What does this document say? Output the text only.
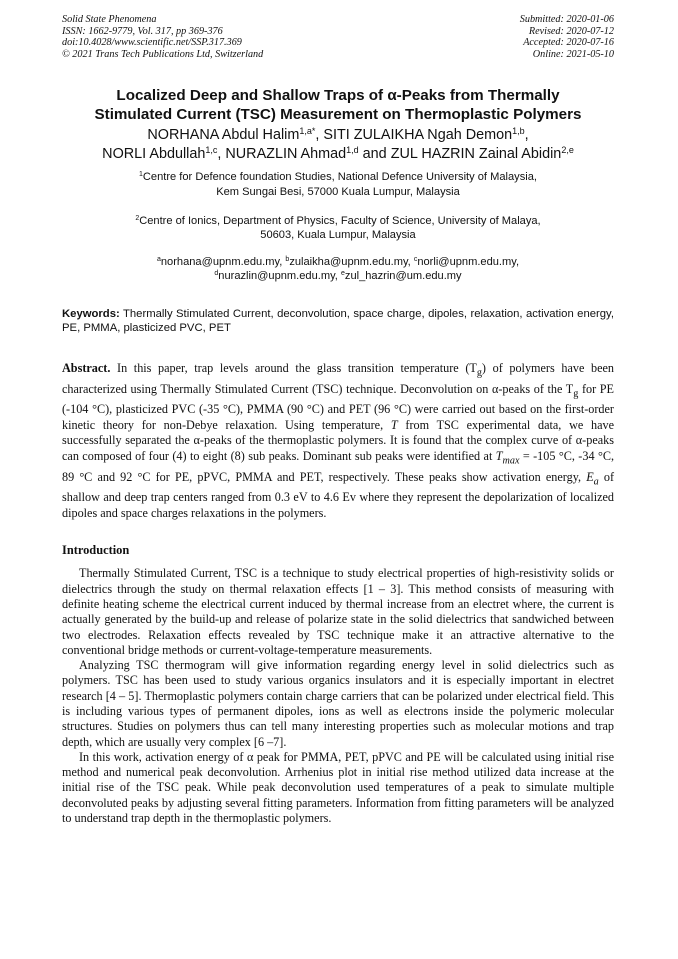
Solid State Phenomena
ISSN: 1662-9779, Vol. 317, pp 369-376
doi:10.4028/www.scientific.net/SSP.317.369
© 2021 Trans Tech Publications Ltd, Switzerland
Submitted: 2020-01-06
Revised: 2020-07-12
Accepted: 2020-07-16
Online: 2021-05-10
Localized Deep and Shallow Traps of α-Peaks from Thermally
Stimulated Current (TSC) Measurement on Thermoplastic Polymers
NORHANA Abdul Halim$^{1,a*}$, SITI ZULAIKHA Ngah Demon$^{1,b}$,
NORLI Abdullah$^{1,c}$, NURAZLIN Ahmad$^{1,d}$ and ZUL HAZRIN Zainal Abidin$^{2,e}$
$^1$Centre for Defence foundation Studies, National Defence University of Malaysia,
Kem Sungai Besi, 57000 Kuala Lumpur, Malaysia
$^2$Centre of Ionics, Department of Physics, Faculty of Science, University of Malaya,
50603, Kuala Lumpur, Malaysia
$^a$norhana@upnm.edu.my, $^b$zulaikha@upnm.edu.my, $^c$norli@upnm.edu.my,
$^d$nurazlin@upnm.edu.my, $^e$zul_hazrin@um.edu.my
Keywords: Thermally Stimulated Current, deconvolution, space charge, dipoles, relaxation, activation energy, PE, PMMA, plasticized PVC, PET
Abstract. In this paper, trap levels around the glass transition temperature $(T_g)$ of polymers have been characterized using Thermally Stimulated Current (TSC) technique. Deconvolution on α-peaks of the $T_g$ for PE (-104 °C), plasticized PVC (-35 °C), PMMA (90 °C) and PET (96 °C) were carried out based on the first-order kinetic theory for non-Debye relaxation. Using temperature, T from TSC experimental data, we have successfully separated the α-peaks of the thermoplastic polymers. It is found that the complex curve of α-peaks can composed of four (4) to eight (8) sub peaks. Dominant sub peaks were identified at $T_{max} = -105$ °C, -34 °C, 89 °C and 92 °C for PE, pPVC, PMMA and PET, respectively. These peaks show activation energy, $E_a$ of shallow and deep trap centers ranged from 0.3 eV to 4.6 Ev where they represent the depolarization of localized dipoles and space charges relaxations in the polymers.
Introduction

Thermally Stimulated Current, TSC is a technique to study electrical properties of high-resistivity solids or dielectrics through the study on thermal relaxation effects [1 – 3]. This method consists of measuring with definite heating scheme the electrical current induced by thermal increase from an electret where, the current is actually generated by the build-up and release of polarize state in the solid dielectrics that sandwiched between two electrodes. Relaxation effects revealed by TSC technique make it an attractive alternative to the conventional bridge methods or current-voltage-temperature measurements.

Analyzing TSC thermogram will give information regarding energy level in solid dielectrics such as polymers. TSC has been used to study various organics insulators and it is especially important in electret research [4 – 5]. Thermoplastic polymers contain charge carriers that can be polarized under electrical field. This is including various types of permanent dipoles, ions as well as electrons inside the polymeric molecular structures. Studies on polymers thus can tell many interesting properties such as molecular motions and trap depth, which are usually very complex [6 –7].

In this work, activation energy of α peak for PMMA, PET, pPVC and PE will be calculated using initial rise method and numerical peak deconvolution. Arrhenius plot in initial rise method utilized data increase at the initial rise of the TSC peak. While peak deconvolution used temperatures of a peak to simulate multiple deconvoluted peaks by adjusting several fitting parameters. Information from fitting parameters will be analyzed to understand trap depth in the thermoplastic polymers.
